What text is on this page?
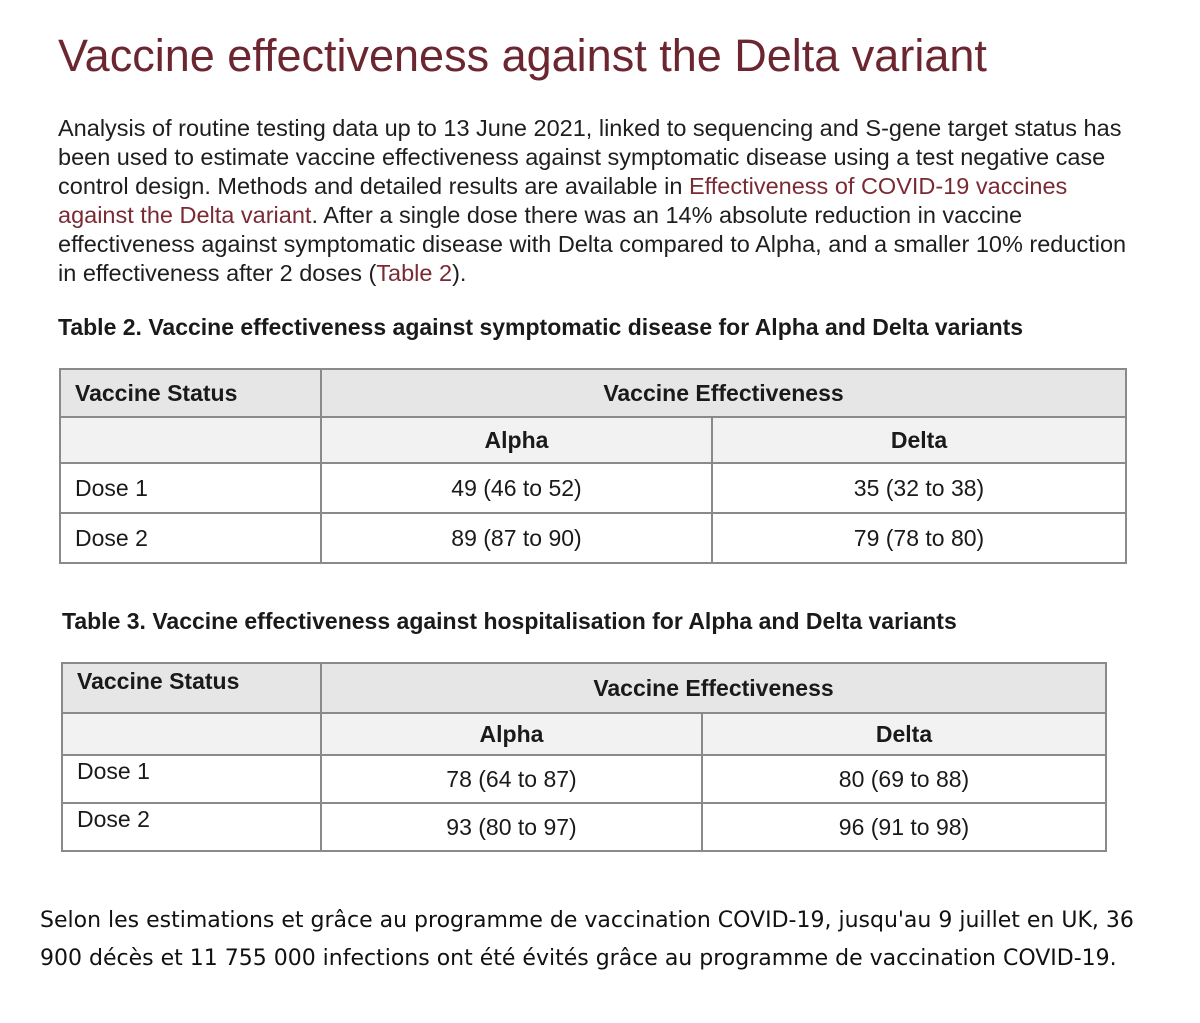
Vaccine effectiveness against the Delta variant

Analysis of routine testing data up to 13 June 2021, linked to sequencing and S-gene target status has been used to estimate vaccine effectiveness against symptomatic disease using a test negative case control design. Methods and detailed results are available in Effectiveness of COVID-19 vaccines against the Delta variant. After a single dose there was an 14% absolute reduction in vaccine effectiveness against symptomatic disease with Delta compared to Alpha, and a smaller 10% reduction in effectiveness after 2 doses (Table 2).

Table 2. Vaccine effectiveness against symptomatic disease for Alpha and Delta variants

Vaccine Status	Vaccine Effectiveness	
	Alpha	Delta
Dose 1	49 (46 to 52)	35 (32 to 38)
Dose 2	89 (87 to 90)	79 (78 to 80)

Table 3. Vaccine effectiveness against hospitalisation for Alpha and Delta variants

Vaccine Status	Vaccine Effectiveness	
	Alpha	Delta
Dose 1	78 (64 to 87)	80 (69 to 88)
Dose 2	93 (80 to 97)	96 (91 to 98)

Selon les estimations et grâce au programme de vaccination COVID-19, jusqu'au 9 juillet en UK, 36 900 décès et 11 755 000 infections ont été évités grâce au programme de vaccination COVID-19.
